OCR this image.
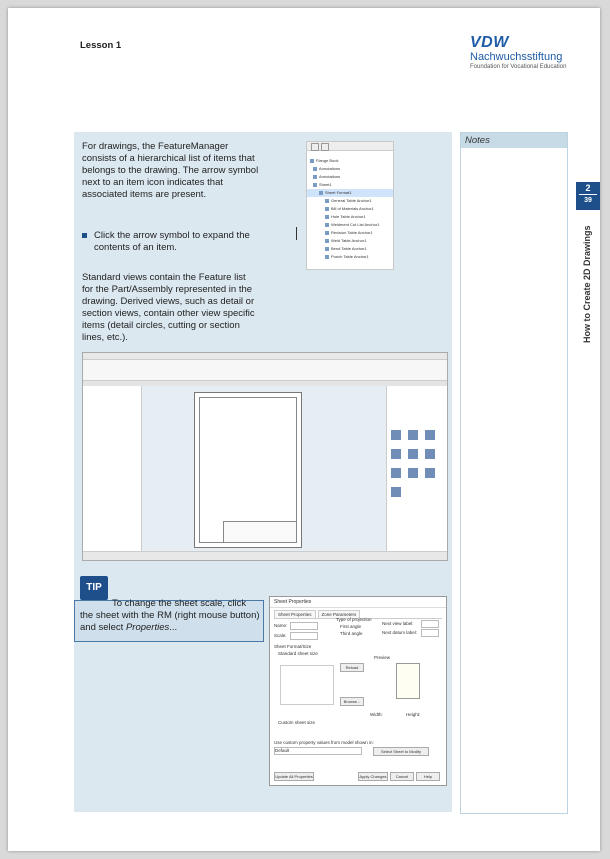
Lesson 1	VDW
Nachwuchsstiftung
Foundation for Vocational Education
2
39
How to Create 2D Drawings
Notes
For drawings, the FeatureManager consists of a hierarchical list of items that belongs to the drawing. The arrow symbol next to an item icon indicates that associated items are present.
Click the arrow symbol to expand the contents of an item.
Standard views contain the Feature list for the Part/Assembly represented in the drawing. Derived views, such as detail or section views, contain other view specific items (detail circles, cutting or section lines, etc.).
Flange Book
Annotations
Annotations
Sheet1
Sheet Format1
General Table Anchor1
Bill of Materials Anchor1
Hole Table Anchor1
Weldment Cut List Anchor1
Revision Table Anchor1
Weld Table Anchor1
Bend Table Anchor1
Punch Table Anchor1

TIP
To change the sheet scale, click the sheet with the RM (right mouse button) and select Properties...
Sheet Properties
Sheet Properties Zone Parameters
Name:
Scale:
Type of projection
First angle
Third angle
Next view label:
Next datum label:
Sheet Format/Size
Standard sheet size
Reload
Browse...
Preview
Width:	Height:
Custom sheet size
Use custom property values from model shown in:
Default	Select Sheet to Modify
Update All Properties	Apply Changes	Cancel	Help
